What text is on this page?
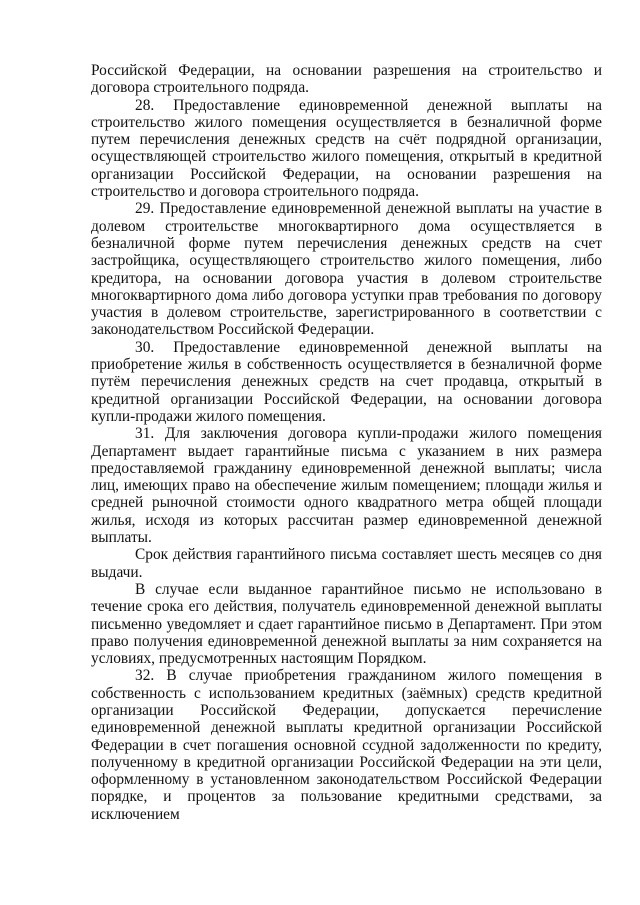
Российской Федерации, на основании разрешения на строительство и договора строительного подряда.

28. Предоставление единовременной денежной выплаты на строительство жилого помещения осуществляется в безналичной форме путем перечисления денежных средств на счёт подрядной организации, осуществляющей строительство жилого помещения, открытый в кредитной организации Российской Федерации, на основании разрешения на строительство и договора строительного подряда.

29. Предоставление единовременной денежной выплаты на участие в долевом строительстве многоквартирного дома осуществляется в безналичной форме путем перечисления денежных средств на счет застройщика, осуществляющего строительство жилого помещения, либо кредитора, на основании договора участия в долевом строительстве многоквартирного дома либо договора уступки прав требования по договору участия в долевом строительстве, зарегистрированного в соответствии с законодательством Российской Федерации.

30. Предоставление единовременной денежной выплаты на приобретение жилья в собственность осуществляется в безналичной форме путём перечисления денежных средств на счет продавца, открытый в кредитной организации Российской Федерации, на основании договора купли-продажи жилого помещения.

31. Для заключения договора купли-продажи жилого помещения Департамент выдает гарантийные письма с указанием в них размера предоставляемой гражданину единовременной денежной выплаты; числа лиц, имеющих право на обеспечение жилым помещением; площади жилья и средней рыночной стоимости одного квадратного метра общей площади жилья, исходя из которых рассчитан размер единовременной денежной выплаты.

Срок действия гарантийного письма составляет шесть месяцев со дня выдачи.

В случае если выданное гарантийное письмо не использовано в течение срока его действия, получатель единовременной денежной выплаты письменно уведомляет и сдает гарантийное письмо в Департамент. При этом право получения единовременной денежной выплаты за ним сохраняется на условиях, предусмотренных настоящим Порядком.

32. В случае приобретения гражданином жилого помещения в собственность с использованием кредитных (заёмных) средств кредитной организации Российской Федерации, допускается перечисление единовременной денежной выплаты кредитной организации Российской Федерации в счет погашения основной ссудной задолженности по кредиту, полученному в кредитной организации Российской Федерации на эти цели, оформленному в установленном законодательством Российской Федерации порядке, и процентов за пользование кредитными средствами, за исключением
